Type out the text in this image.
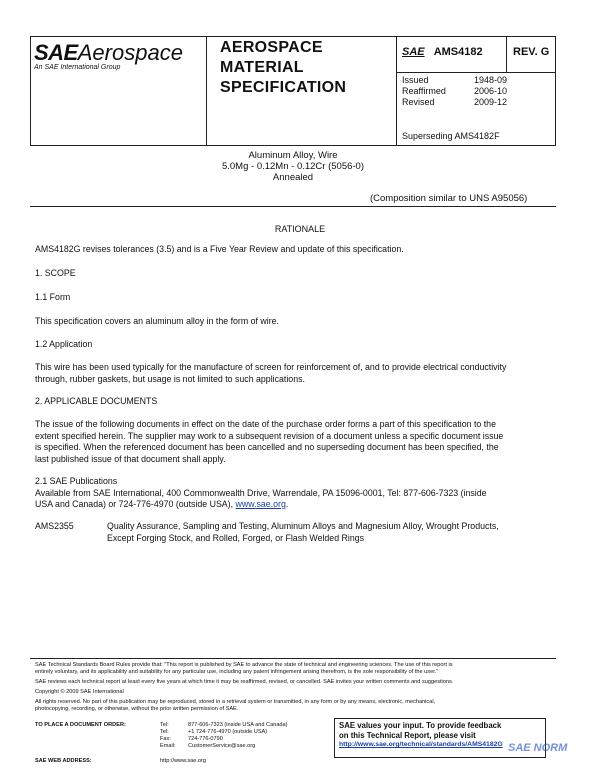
SAEAerospace
An SAE International Group
AEROSPACE
MATERIAL
SPECIFICATION
SAE AMS4182	REV. G
Issued	1948-09
Reaffirmed	2006-10
Revised	2009-12
Superseding AMS4182F
Aluminum Alloy, Wire
5.0Mg - 0.12Mn - 0.12Cr (5056-0)
Annealed
(Composition similar to UNS A95056)
RATIONALE
AMS4182G revises tolerances (3.5) and is a Five Year Review and update of this specification.
1. SCOPE
1.1 Form
This specification covers an aluminum alloy in the form of wire.
1.2 Application
This wire has been used typically for the manufacture of screen for reinforcement of, and to provide electrical conductivity
through, rubber gaskets, but usage is not limited to such applications.
2. APPLICABLE DOCUMENTS
The issue of the following documents in effect on the date of the purchase order forms a part of this specification to the
extent specified herein. The supplier may work to a subsequent revision of a document unless a specific document issue
is specified. When the referenced document has been cancelled and no superseding document has been specified, the
last published issue of that document shall apply.
2.1 SAE Publications
Available from SAE International, 400 Commonwealth Drive, Warrendale, PA 15096-0001, Tel: 877-606-7323 (inside
USA and Canada) or 724-776-4970 (outside USA), www.sae.org.
AMS2355	Quality Assurance, Sampling and Testing, Aluminum Alloys and Magnesium Alloy, Wrought Products,
Except Forging Stock, and Rolled, Forged, or Flash Welded Rings
SAE Technical Standards Board Rules provide that: "This report is published by SAE to advance the state of technical and engineering sciences. The use of this report is
entirely voluntary, and its applicability and suitability for any particular use, including any patent infringement arising therefrom, is the sole responsibility of the user."
SAE reviews each technical report at least every five years at which time it may be reaffirmed, revised, or cancelled. SAE invites your written comments and suggestions.
Copyright © 2009 SAE International
All rights reserved. No part of this publication may be reproduced, stored in a retrieval system or transmitted, in any form or by any means, electronic, mechanical,
photocopying, recording, or otherwise, without the prior written permission of SAE.
TO PLACE A DOCUMENT ORDER:	Tel:	877-606-7323 (inside USA and Canada)
Tel:	+1 724-776-4970 (outside USA)
Fax:	724-776-0790
Email: CustomerService@sae.org
SAE WEB ADDRESS:	http://www.sae.org
SAE values your input. To provide feedback
on this Technical Report, please visit
http://www.sae.org/technical/standards/AMS4182G SAE NORM
